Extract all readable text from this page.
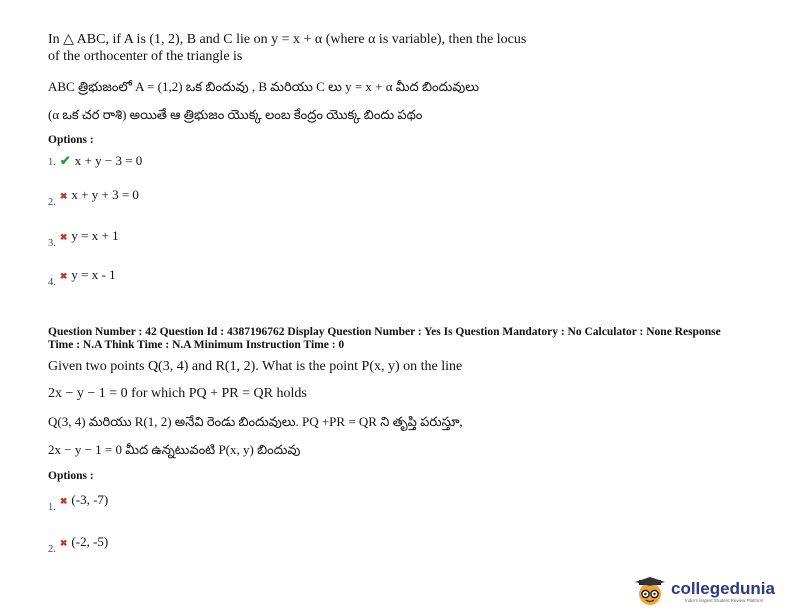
In △ ABC, if A is (1, 2), B and C lie on y = x + α (where α is variable), then the locus
of the orthocenter of the triangle is
ABC త్రిభుజంలో A = (1,2) ఒక బిందువు , B మరియు C లు y = x + α మీద బిందువులు
(α ఒక చర రాశి) అయితే ఆ త్రిభుజం యొక్క లంబ కేంద్రం యొక్క బిందు పథం
Options :
1. ✔ x + y − 3 = 0
$_{2.}$ ✖ x + y + 3 = 0
$_{3.}$ ✖ y = x + 1
$_{4.}$ ✖ y = x - 1
Question Number : 42 Question Id : 4387196762 Display Question Number : Yes Is Question Mandatory : No Calculator : None Response
Time : N.A Think Time : N.A Minimum Instruction Time : 0
Given two points Q(3, 4) and R(1, 2). What is the point P(x, y) on the line
2x − y − 1 = 0 for which PQ + PR = QR holds
Q(3, 4) మరియు R(1, 2) అనేవి రెండు బిందువులు. PQ +PR = QR ని తృప్తి పరుస్తూ,
2x − y − 1 = 0 మీద ఉన్నటువంటి P(x, y) బిందువు
Options :
$_{1.}$ ✖ (-3, -7)
$_{2.}$ ✖ (-2, -5)
collegedunia
India's largest Student Review Platform
